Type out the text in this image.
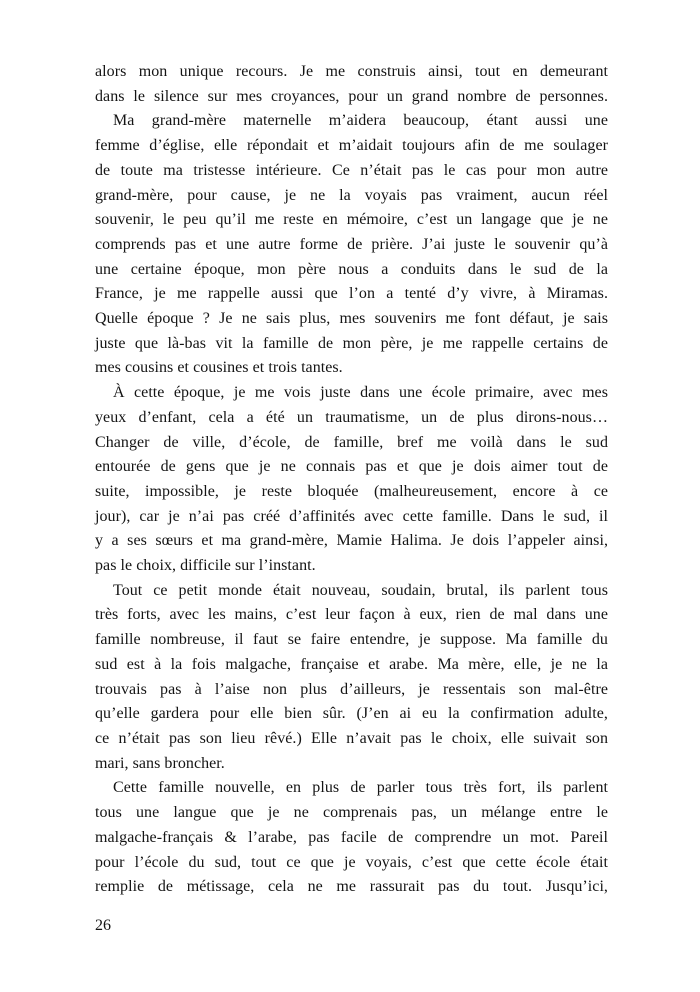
alors mon unique recours. Je me construis ainsi, tout en demeurant
dans le silence sur mes croyances, pour un grand nombre de personnes.
Ma grand-mère maternelle m’aidera beaucoup, étant aussi une
femme d’église, elle répondait et m’aidait toujours afin de me soulager
de toute ma tristesse intérieure. Ce n’était pas le cas pour mon autre
grand-mère, pour cause, je ne la voyais pas vraiment, aucun réel
souvenir, le peu qu’il me reste en mémoire, c’est un langage que je ne
comprends pas et une autre forme de prière. J’ai juste le souvenir qu’à
une certaine époque, mon père nous a conduits dans le sud de la
France, je me rappelle aussi que l’on a tenté d’y vivre, à Miramas.
Quelle époque ? Je ne sais plus, mes souvenirs me font défaut, je sais
juste que là-bas vit la famille de mon père, je me rappelle certains de
mes cousins et cousines et trois tantes.
À cette époque, je me vois juste dans une école primaire, avec mes
yeux d’enfant, cela a été un traumatisme, un de plus dirons-nous…
Changer de ville, d’école, de famille, bref me voilà dans le sud
entourée de gens que je ne connais pas et que je dois aimer tout de
suite, impossible, je reste bloquée (malheureusement, encore à ce
jour), car je n’ai pas créé d’affinités avec cette famille. Dans le sud, il
y a ses sœurs et ma grand-mère, Mamie Halima. Je dois l’appeler ainsi,
pas le choix, difficile sur l’instant.
Tout ce petit monde était nouveau, soudain, brutal, ils parlent tous
très forts, avec les mains, c’est leur façon à eux, rien de mal dans une
famille nombreuse, il faut se faire entendre, je suppose. Ma famille du
sud est à la fois malgache, française et arabe. Ma mère, elle, je ne la
trouvais pas à l’aise non plus d’ailleurs, je ressentais son mal-être
qu’elle gardera pour elle bien sûr. (J’en ai eu la confirmation adulte,
ce n’était pas son lieu rêvé.) Elle n’avait pas le choix, elle suivait son
mari, sans broncher.
Cette famille nouvelle, en plus de parler tous très fort, ils parlent
tous une langue que je ne comprenais pas, un mélange entre le
malgache-français & l’arabe, pas facile de comprendre un mot. Pareil
pour l’école du sud, tout ce que je voyais, c’est que cette école était
remplie de métissage, cela ne me rassurait pas du tout. Jusqu’ici,
26
